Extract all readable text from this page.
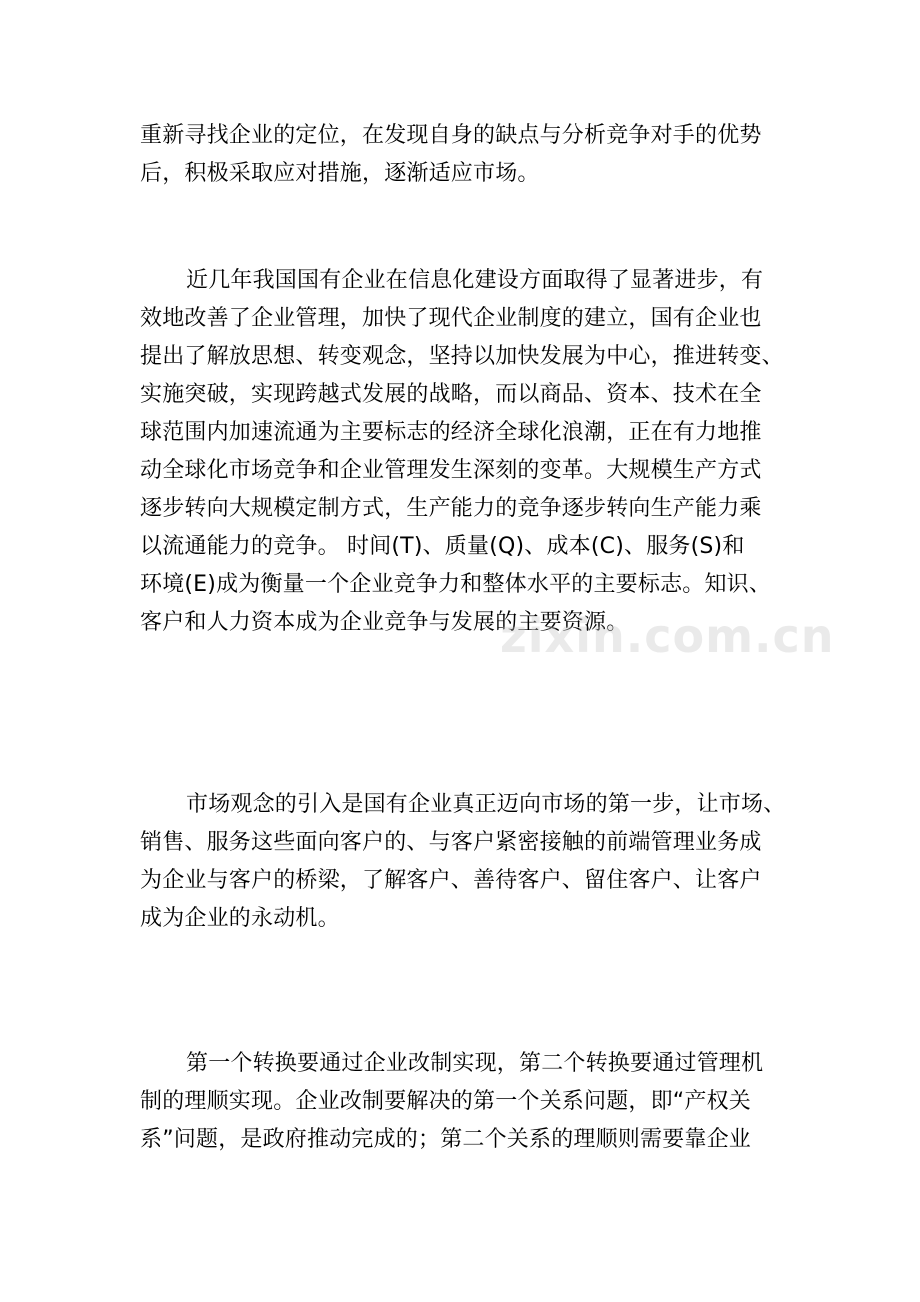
重新寻找企业的定位，在发现自身的缺点与分析竞争对手的优势
后，积极采取应对措施，逐渐适应市场。
近几年我国国有企业在信息化建设方面取得了显著进步，有
效地改善了企业管理，加快了现代企业制度的建立，国有企业也
提出了解放思想、转变观念，坚持以加快发展为中心，推进转变、
实施突破，实现跨越式发展的战略，而以商品、资本、技术在全
球范围内加速流通为主要标志的经济全球化浪潮，正在有力地推
动全球化市场竞争和企业管理发生深刻的变革。大规模生产方式
逐步转向大规模定制方式，生产能力的竞争逐步转向生产能力乘
以流通能力的竞争。 时间(T)、质量(Q)、成本(C)、服务(S)和
环境(E)成为衡量一个企业竞争力和整体水平的主要标志。知识、
客户和人力资本成为企业竞争与发展的主要资源。
市场观念的引入是国有企业真正迈向市场的第一步，让市场、
销售、服务这些面向客户的、与客户紧密接触的前端管理业务成
为企业与客户的桥梁，了解客户、善待客户、留住客户、让客户
成为企业的永动机。
第一个转换要通过企业改制实现，第二个转换要通过管理机
制的理顺实现。企业改制要解决的第一个关系问题，即“产权关
系”问题，是政府推动完成的；第二个关系的理顺则需要靠企业
zixin.com.cn
